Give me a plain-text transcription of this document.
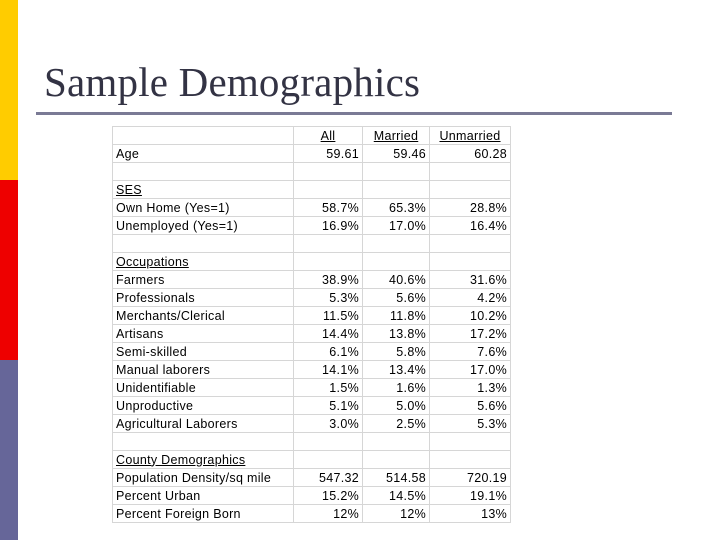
Sample Demographics
	All	Married	Unmarried
Age	59.61	59.46	60.28

SES			
Own Home (Yes=1)	58.7%	65.3%	28.8%
Unemployed (Yes=1)	16.9%	17.0%	16.4%

Occupations			
Farmers	38.9%	40.6%	31.6%
Professionals	5.3%	5.6%	4.2%
Merchants/Clerical	11.5%	11.8%	10.2%
Artisans	14.4%	13.8%	17.2%
Semi-skilled	6.1%	5.8%	7.6%
Manual laborers	14.1%	13.4%	17.0%
Unidentifiable	1.5%	1.6%	1.3%
Unproductive	5.1%	5.0%	5.6%
Agricultural Laborers	3.0%	2.5%	5.3%

County Demographics			
Population Density/sq mile	547.32	514.58	720.19
Percent Urban	15.2%	14.5%	19.1%
Percent Foreign Born	12%	12%	13%
